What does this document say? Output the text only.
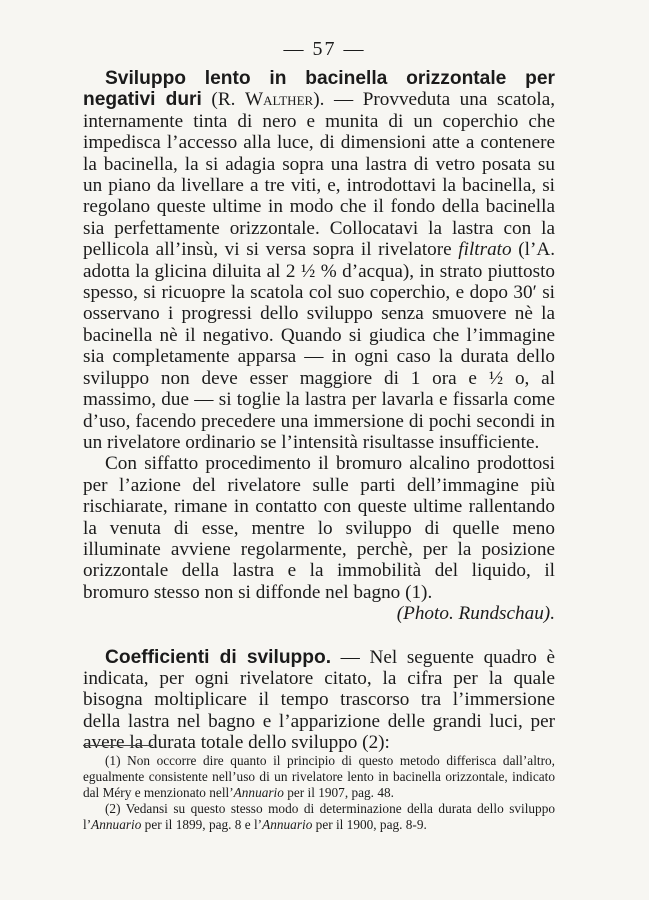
— 57 —

Sviluppo lento in bacinella orizzontale per negativi duri (R. Walther). — Provveduta una scatola, internamente tinta di nero e munita di un coperchio che impedisca l’accesso alla luce, di dimensioni atte a contenere la bacinella, la si adagia sopra una lastra di vetro posata su un piano da livellare a tre viti, e, introdottavi la bacinella, si regolano queste ultime in modo che il fondo della bacinella sia perfettamente orizzontale. Collocatavi la lastra con la pellicola all’insù, vi si versa sopra il rivelatore filtrato (l’A. adotta la glicina diluita al 2 ½ % d’acqua), in strato piuttosto spesso, si ricuopre la scatola col suo coperchio, e dopo 30′ si osservano i progressi dello sviluppo senza smuovere nè la bacinella nè il negativo. Quando si giudica che l’immagine sia completamente apparsa — in ogni caso la durata dello sviluppo non deve esser maggiore di 1 ora e ½ o, al massimo, due — si toglie la lastra per lavarla e fissarla come d’uso, facendo precedere una immersione di pochi secondi in un rivelatore ordinario se l’intensità risultasse insufficiente.

Con siffatto procedimento il bromuro alcalino prodottosi per l’azione del rivelatore sulle parti dell’immagine più rischiarate, rimane in contatto con queste ultime rallentando la venuta di esse, mentre lo sviluppo di quelle meno illuminate avviene regolarmente, perchè, per la posizione orizzontale della lastra e la immobilità del liquido, il bromuro stesso non si diffonde nel bagno (1).
(Photo. Rundschau).

Coefficienti di sviluppo. — Nel seguente quadro è indicata, per ogni rivelatore citato, la cifra per la quale bisogna moltiplicare il tempo trascorso tra l’immersione della lastra nel bagno e l’apparizione delle grandi luci, per avere la durata totale dello sviluppo (2):

(1) Non occorre dire quanto il principio di questo metodo differisca dall’altro, egualmente consistente nell’uso di un rivelatore lento in bacinella orizzontale, indicato dal Méry e menzionato nell’Annuario per il 1907, pag. 48.

(2) Vedansi su questo stesso modo di determinazione della durata dello sviluppo l’Annuario per il 1899, pag. 8 e l’Annuario per il 1900, pag. 8-9.
